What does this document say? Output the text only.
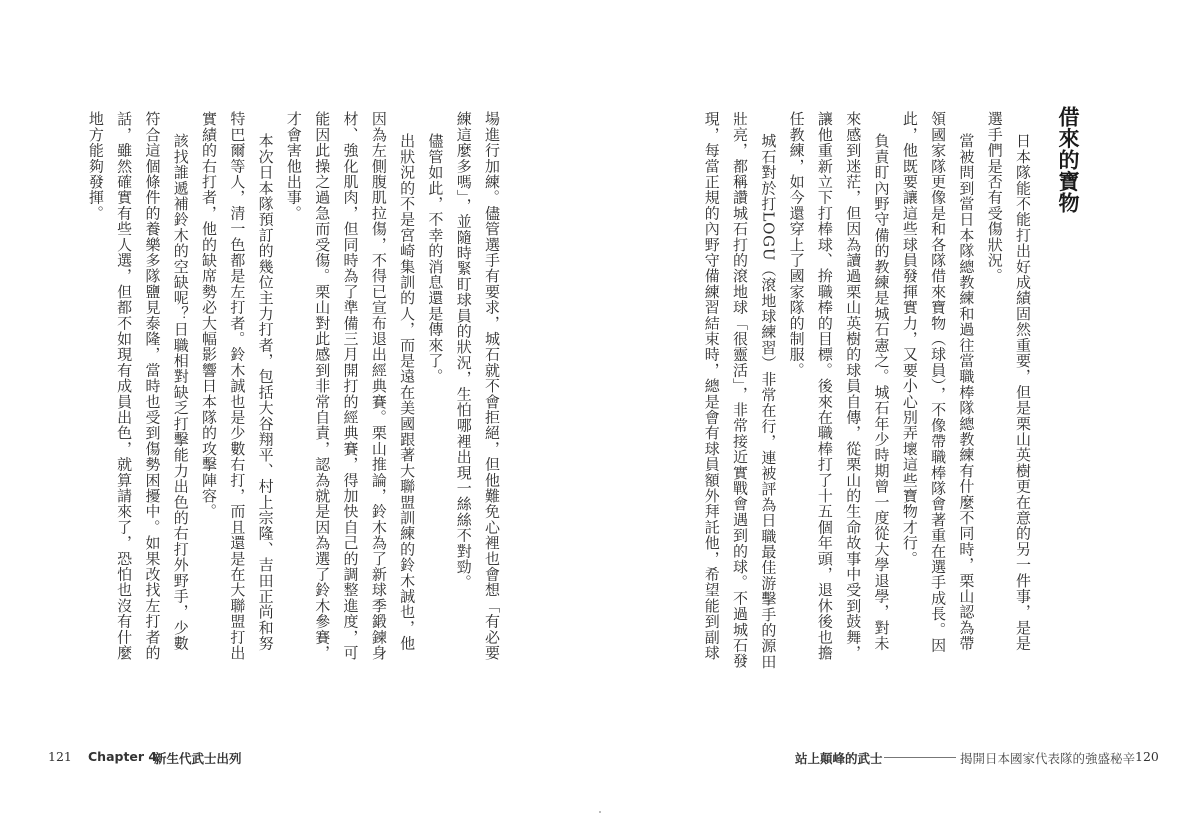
借來的寶物
日本隊能不能打出好成績固然重要，但是栗山英樹更在意的另一件事，是是
選手們是否有受傷狀況。
當被問到當日本隊總教練和過往當職棒隊總教練有什麼不同時，栗山認為帶
領國家隊更像是和各隊借來寶物（球員），不像帶職棒隊會著重在選手成長。因
此，他既要讓這些球員發揮實力，又要小心別弄壞這些寶物才行。
負責盯內野守備的教練是城石憲之。城石年少時期曾一度從大學退學，對未
來感到迷茫，但因為讀過栗山英樹的球員自傳，從栗山的生命故事中受到鼓舞，
讓他重新立下打棒球、拚職棒的目標。後來在職棒打了十五個年頭，退休後也擔
任教練，如今還穿上了國家隊的制服。
城石對於打LOGU（滾地球練習）非常在行，連被評為日職最佳游擊手的源田
壯亮，都稱讚城石打的滾地球「很靈活」，非常接近實戰會遇到的球。不過城石發
現，每當正規的內野守備練習結束時，總是會有球員額外拜託他，希望能到副球
站上顛峰的武士	揭開日本國家代表隊的強盛秘辛 120
場進行加練。儘管選手有要求，城石就不會拒絕，但他難免心裡也會想「有必要
練這麼多嗎」，並隨時緊盯球員的狀況，生怕哪裡出現一絲絲不對勁。
儘管如此，不幸的消息還是傳來了。
出狀況的不是宮崎集訓的人，而是遠在美國跟著大聯盟訓練的鈴木誠也，他
因為左側腹肌拉傷，不得已宣布退出經典賽。栗山推論，鈴木為了新球季鍛鍊身
材、強化肌肉，但同時為了準備三月開打的經典賽，得加快自己的調整進度，可
能因此操之過急而受傷。栗山對此感到非常自責，認為就是因為選了鈴木參賽，
才會害他出事。
本次日本隊預訂的幾位主力打者，包括大谷翔平、村上宗隆、吉田正尚和努
特巴爾等人，清一色都是左打者。鈴木誠也是少數右打，而且還是在大聯盟打出
實績的右打者，他的缺席勢必大幅影響日本隊的攻擊陣容。
該找誰遞補鈴木的空缺呢？日職相對缺乏打擊能力出色的右打外野手，少數
符合這個條件的養樂多隊鹽見泰隆，當時也受到傷勢困擾中。如果改找左打者的
話，雖然確實有些人選，但都不如現有成員出色，就算請來了，恐怕也沒有什麼
地方能夠發揮。
121 Chapter 4
新生代武士出列
